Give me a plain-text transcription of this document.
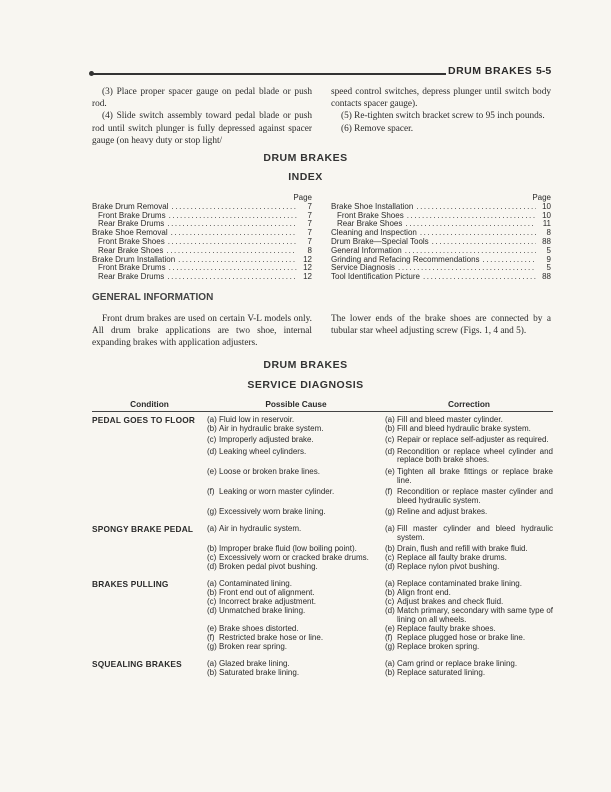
DRUM BRAKES 5-5

(3) Place proper spacer gauge on pedal blade or push rod.

(4) Slide switch assembly toward pedal blade or push rod until switch plunger is fully depressed against spacer gauge (on heavy duty or stop light/

speed control switches, depress plunger until switch body contacts spacer gauge).

(5) Re-tighten switch bracket screw to 95 inch pounds.

(6) Remove spacer.

DRUM BRAKES
INDEX
Page
Brake Drum Removal .....	7
Front Brake Drums .....	7
Rear Brake Drums .....	7
Brake Shoe Removal .....	7
Front Brake Shoes .....	7
Rear Brake Shoes .....	8
Brake Drum Installation .....	12
Front Brake Drums .....	12
Rear Brake Drums .....	12
Page
Brake Shoe Installation .....	10
Front Brake Shoes .....	10
Rear Brake Shoes .....	11
Cleaning and Inspection .....	8
Drum Brake—Special Tools .....	88
General Information .....	5
Grinding and Refacing Recommendations .....	9
Service Diagnosis .....	5
Tool Identification Picture .....	88
GENERAL INFORMATION

Front drum brakes are used on certain V-L models only. All drum brake applications are two shoe, internal expanding brakes with application adjusters.

The lower ends of the brake shoes are connected by a tubular star wheel adjusting screw (Figs. 1, 4 and 5).

DRUM BRAKES
SERVICE DIAGNOSIS
Condition	Possible Cause	Correction
PEDAL GOES TO FLOOR	(a) Fluid low in reservoir.	(a) Fill and bleed master cylinder.
(b) Air in hydraulic brake system.	(b) Fill and bleed hydraulic brake system.
(c) Improperly adjusted brake.	(c) Repair or replace self-adjuster as required.
(d) Leaking wheel cylinders.	(d) Recondition or replace wheel cylinder and replace both brake shoes.
(e) Loose or broken brake lines.	(e) Tighten all brake fittings or replace brake line.
(f) Leaking or worn master cylinder.	(f) Recondition or replace master cylinder and bleed hydraulic system.
(g) Excessively worn brake lining.	(g) Reline and adjust brakes.
SPONGY BRAKE PEDAL	(a) Air in hydraulic system.	(a) Fill master cylinder and bleed hydraulic system.
(b) Improper brake fluid (low boiling point).	(b) Drain, flush and refill with brake fluid.
(c) Excessively worn or cracked brake drums.	(c) Replace all faulty brake drums.
(d) Broken pedal pivot bushing.	(d) Replace nylon pivot bushing.
BRAKES PULLING	(a) Contaminated lining.	(a) Replace contaminated brake lining.
(b) Front end out of alignment.	(b) Align front end.
(c) Incorrect brake adjustment.	(c) Adjust brakes and check fluid.
(d) Unmatched brake lining.	(d) Match primary, secondary with same type of lining on all wheels.
(e) Brake shoes distorted.	(e) Replace faulty brake shoes.
(f) Restricted brake hose or line.	(f) Replace plugged hose or brake line.
(g) Broken rear spring.	(g) Replace broken spring.
SQUEALING BRAKES	(a) Glazed brake lining.	(a) Cam grind or replace brake lining.
(b) Saturated brake lining.	(b) Replace saturated lining.
